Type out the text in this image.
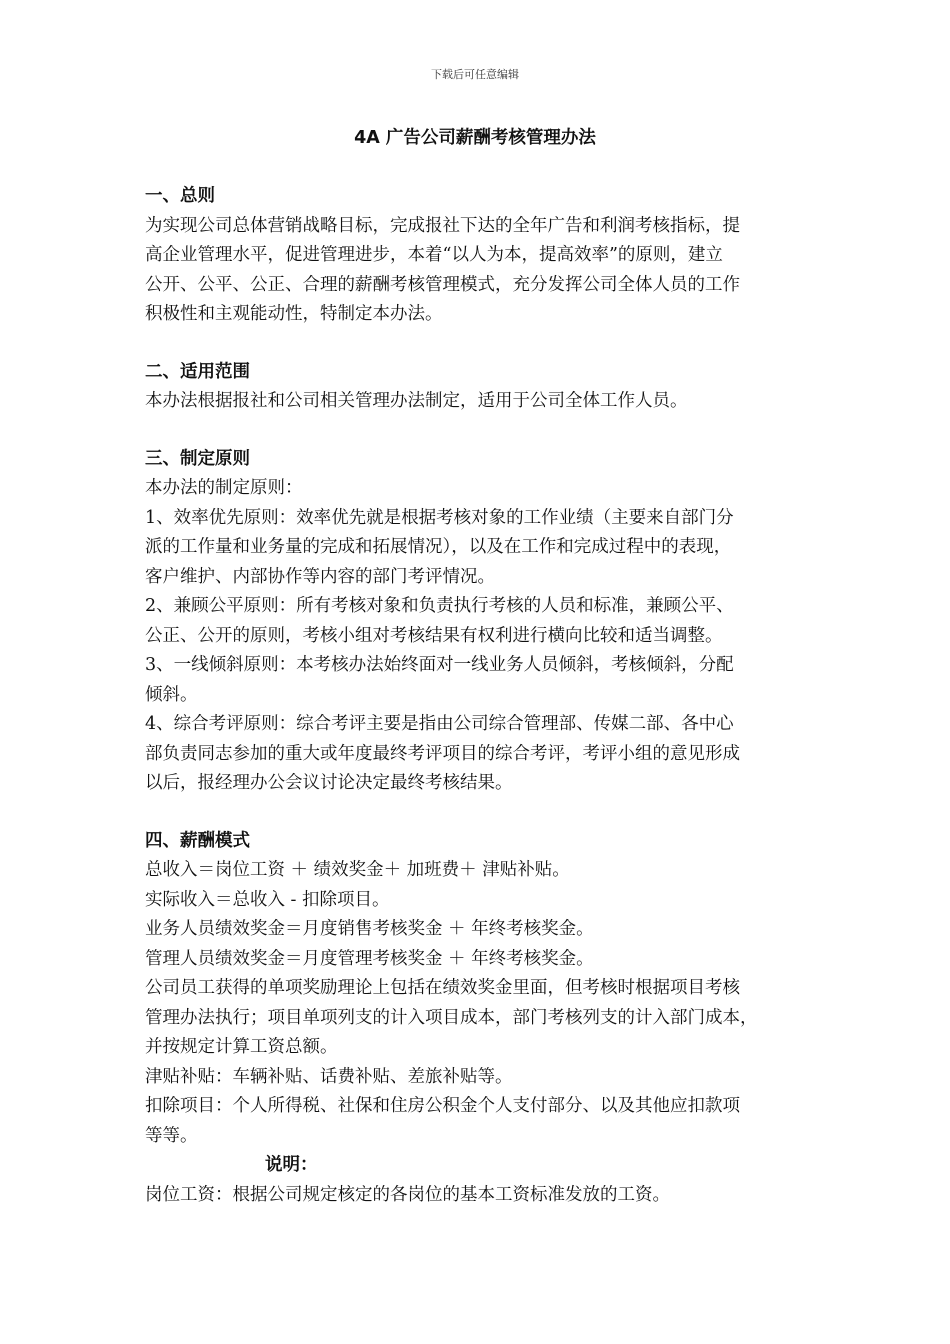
下载后可任意编辑
4A 广告公司薪酬考核管理办法
一、总则
为实现公司总体营销战略目标，完成报社下达的全年广告和利润考核指标，提
高企业管理水平，促进管理进步，本着“以人为本，提高效率”的原则，建立
公开、公平、公正、合理的薪酬考核管理模式，充分发挥公司全体人员的工作
积极性和主观能动性，特制定本办法。
二、适用范围
本办法根据报社和公司相关管理办法制定，适用于公司全体工作人员。
三、制定原则
本办法的制定原则：
1、效率优先原则：效率优先就是根据考核对象的工作业绩（主要来自部门分
派的工作量和业务量的完成和拓展情况），以及在工作和完成过程中的表现，
客户维护、内部协作等内容的部门考评情况。
2、兼顾公平原则：所有考核对象和负责执行考核的人员和标准，兼顾公平、
公正、公开的原则，考核小组对考核结果有权利进行横向比较和适当调整。
3、一线倾斜原则：本考核办法始终面对一线业务人员倾斜，考核倾斜，分配
倾斜。
4、综合考评原则：综合考评主要是指由公司综合管理部、传媒二部、各中心
部负责同志参加的重大或年度最终考评项目的综合考评，考评小组的意见形成
以后，报经理办公会议讨论决定最终考核结果。
四、薪酬模式
总收入＝岗位工资 ＋ 绩效奖金＋ 加班费＋ 津贴补贴。
实际收入＝总收入 - 扣除项目。
业务人员绩效奖金＝月度销售考核奖金 ＋ 年终考核奖金。
管理人员绩效奖金＝月度管理考核奖金 ＋ 年终考核奖金。
公司员工获得的单项奖励理论上包括在绩效奖金里面，但考核时根据项目考核
管理办法执行；项目单项列支的计入项目成本，部门考核列支的计入部门成本，
并按规定计算工资总额。
津贴补贴：车辆补贴、话费补贴、差旅补贴等。
扣除项目：个人所得税、社保和住房公积金个人支付部分、以及其他应扣款项
等等。
说明：
岗位工资：根据公司规定核定的各岗位的基本工资标准发放的工资。
